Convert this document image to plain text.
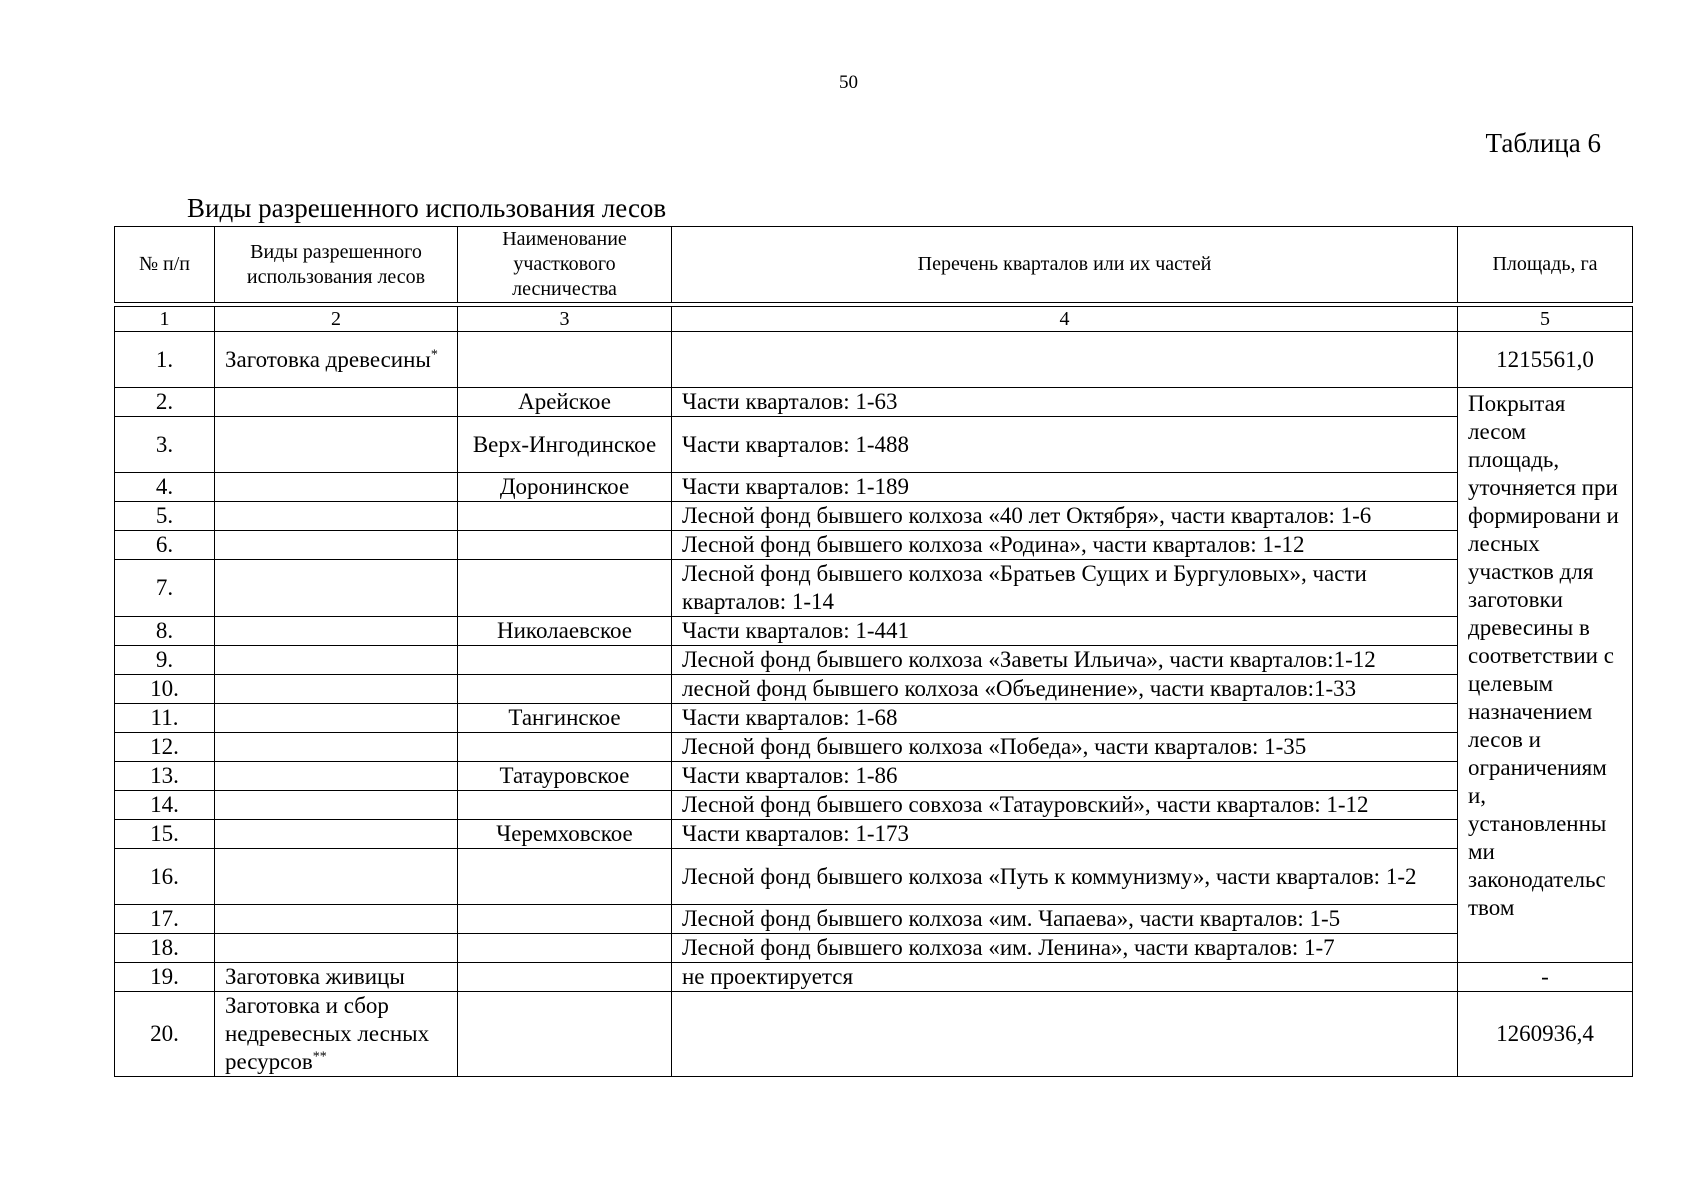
50
Таблица 6
Виды разрешенного использования лесов
№ п/п	Виды разрешенного использования лесов	Наименование участкового лесничества	Перечень кварталов или их частей	Площадь, га

1	2	3	4	5
1.	Заготовка древесины*			1215561,0
2.		Арейское	Части кварталов: 1-63	Покрытая лесом площадь, уточняется при формировани и лесных участков для заготовки древесины в соответствии с целевым назначением лесов и ограничениям и, установленны ми законодательс твом
3.		Верх-Ингодинское	Части кварталов: 1-488	
4.		Доронинское	Части кварталов: 1-189	
5.			Лесной фонд бывшего колхоза «40 лет Октября», части кварталов: 1-6	
6.			Лесной фонд бывшего колхоза «Родина», части кварталов: 1-12	
7.			Лесной фонд бывшего колхоза «Братьев Сущих и Бургуловых», части кварталов: 1-14	
8.		Николаевское	Части кварталов: 1-441	
9.			Лесной фонд бывшего колхоза «Заветы Ильича», части кварталов:1-12	
10.			лесной фонд бывшего колхоза «Объединение», части кварталов:1-33	
11.		Тангинское	Части кварталов: 1-68	
12.			Лесной фонд бывшего колхоза «Победа», части кварталов: 1-35	
13.		Татауровское	Части кварталов: 1-86	
14.			Лесной фонд бывшего совхоза «Татауровский», части кварталов: 1-12	
15.		Черемховское	Части кварталов: 1-173	
16.			Лесной фонд бывшего колхоза «Путь к коммунизму», части кварталов: 1-2	
17.			Лесной фонд бывшего колхоза «им. Чапаева», части кварталов: 1-5	
18.			Лесной фонд бывшего колхоза «им. Ленина», части кварталов: 1-7	
19.	Заготовка живицы		не проектируется	-
20.	Заготовка и сбор недревесных лесных ресурсов**			1260936,4
